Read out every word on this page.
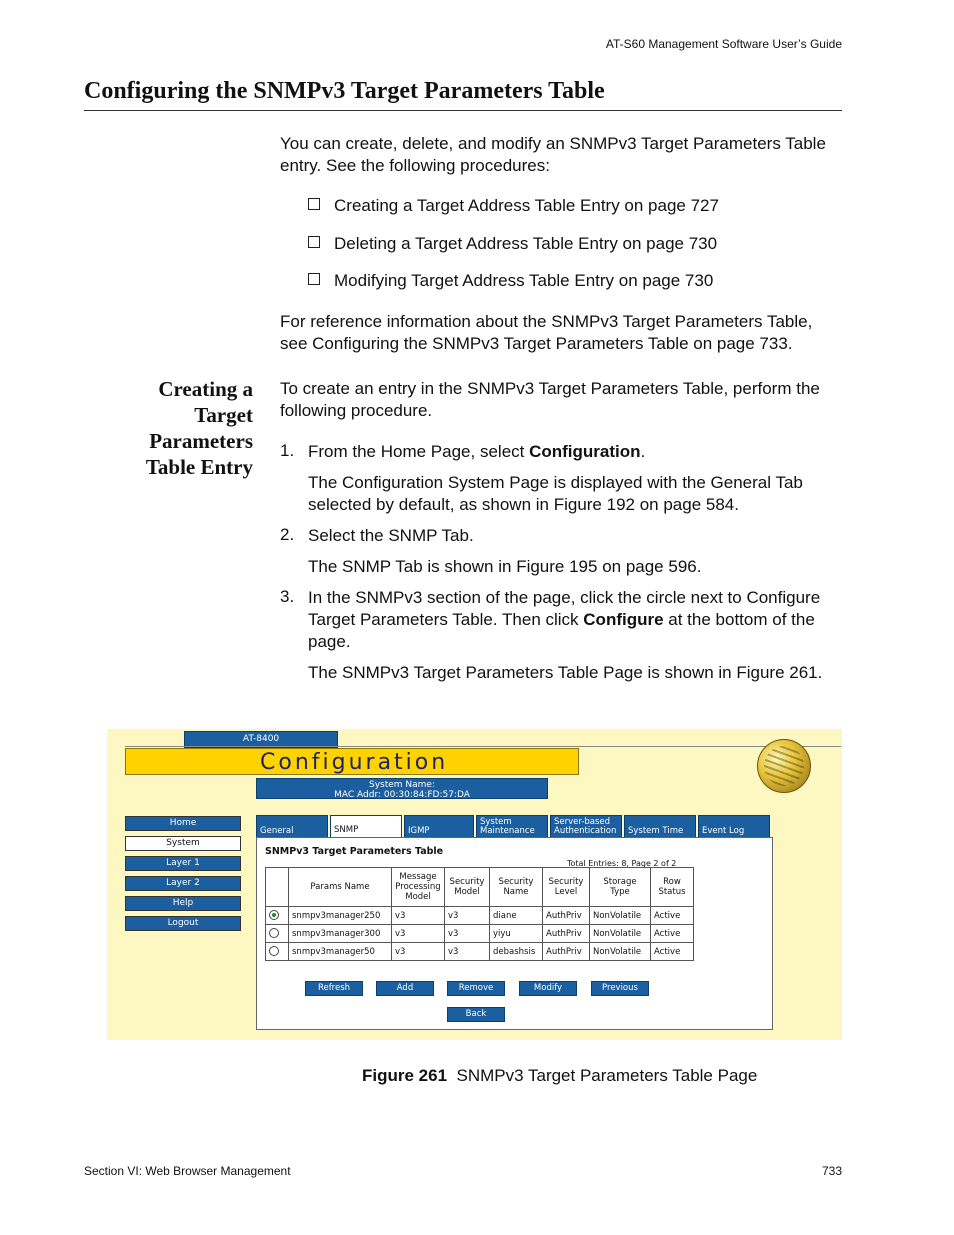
AT-S60 Management Software User’s Guide
Configuring the SNMPv3 Target Parameters Table
You can create, delete, and modify an SNMPv3 Target Parameters Table entry. See the following procedures:
Creating a Target Address Table Entry on page 727
Deleting a Target Address Table Entry on page 730
Modifying Target Address Table Entry on page 730
For reference information about the SNMPv3 Target Parameters Table, see Configuring the SNMPv3 Target Parameters Table on page 733.
Creating a
Target
Parameters
Table Entry
To create an entry in the SNMPv3 Target Parameters Table, perform the following procedure.
1. From the Home Page, select Configuration.
The Configuration System Page is displayed with the General Tab selected by default, as shown in Figure 192 on page 584.
2. Select the SNMP Tab.
The SNMP Tab is shown in Figure 195 on page 596.
3. In the SNMPv3 section of the page, click the circle next to Configure Target Parameters Table. Then click Configure at the bottom of the page.
The SNMPv3 Target Parameters Table Page is shown in Figure 261.
AT-8400
Configuration
System Name:
MAC Addr: 00:30:84:FD:57:DA
Home
System
Layer 1
Layer 2
Help
Logout
General	SNMP	IGMP
System Maintenance
Server-based Authentication	System Time	Event Log
SNMPv3 Target Parameters Table
Total Entries: 8, Page 2 of 2
	Params Name	Message Processing Model	Security Model	Security Name	Security Level	Storage Type	Row Status
	snmpv3manager250	v3	v3	diane	AuthPriv	NonVolatile	Active
	snmpv3manager300	v3	v3	yiyu	AuthPriv	NonVolatile	Active
	snmpv3manager50	v3	v3	debashsis	AuthPriv	NonVolatile	Active
Refresh	Add	Remove	Modify	Previous
Back
Figure 261 SNMPv3 Target Parameters Table Page
Section VI: Web Browser Management	733
